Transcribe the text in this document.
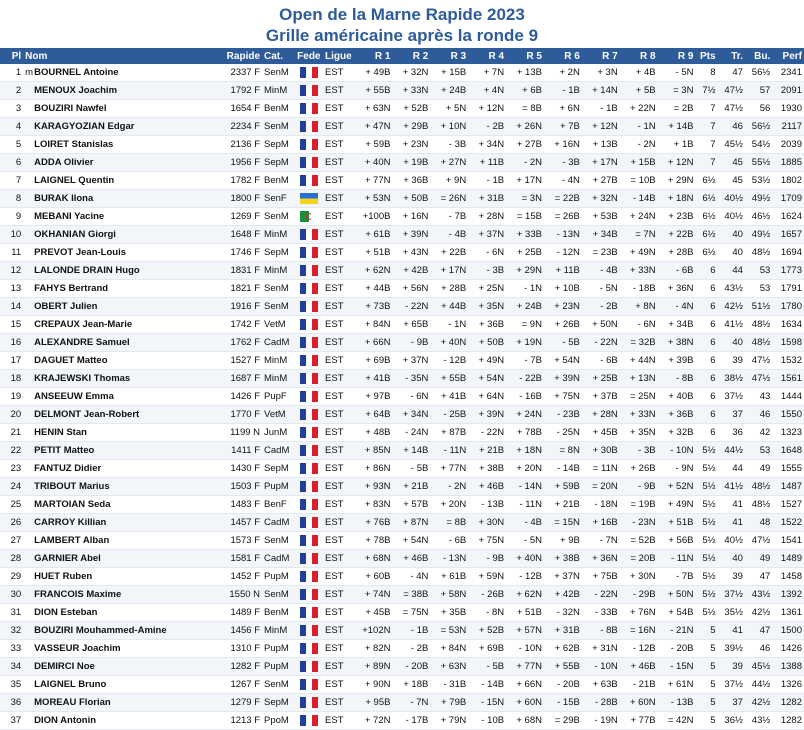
Open de la Marne Rapide 2023
Grille américaine après la ronde 9
Pl	Nom	Rapide	Cat.	Fede	Ligue	R 1	R 2	R 3	R 4	R 5	R 6	R 7	R 8	R 9	Pts	Tr.	Bu.	Perf
1	mBOURNEL Antoine	2337 F	SenM		EST	+ 49B	+ 32N	+ 15B	+ 7N	+ 13B	+ 2N	+ 3N	+ 4B	- 5N	8	47	56½	2341
2	MENOUX Joachim	1792 F	MinM		EST	+ 55B	+ 33N	+ 24B	+ 4N	+ 6B	- 1B	+ 14N	+ 5B	= 3N	7½	47½	57	2091
3	BOUZIRI Nawfel	1654 F	BenM		EST	+ 63N	+ 52B	+ 5N	+ 12N	= 8B	+ 6N	- 1B	+ 22N	= 2B	7	47½	56	1930
4	KARAGYOZIAN Edgar	2234 F	SenM		EST	+ 47N	+ 29B	+ 10N	- 2B	+ 26N	+ 7B	+ 12N	- 1N	+ 14B	7	46	56½	2117
5	LOIRET Stanislas	2136 F	SepM		EST	+ 59B	+ 23N	- 3B	+ 34N	+ 27B	+ 16N	+ 13B	- 2N	+ 1B	7	45½	54½	2039
6	ADDA Olivier	1956 F	SepM		EST	+ 40N	+ 19B	+ 27N	+ 11B	- 2N	- 3B	+ 17N	+ 15B	+ 12N	7	45	55½	1885
7	LAIGNEL Quentin	1782 F	BenM		EST	+ 77N	+ 36B	+ 9N	- 1B	+ 17N	- 4N	+ 27B	= 10B	+ 29N	6½	45	53½	1802
8	BURAK Ilona	1800 F	SenF		EST	+ 53N	+ 50B	= 26N	+ 31B	= 3N	= 22B	+ 32N	- 14B	+ 18N	6½	40½	49½	1709
9	MEBANI Yacine	1269 F	SenM		EST	+100B	+ 16N	- 7B	+ 28N	= 15B	= 26B	+ 53B	+ 24N	+ 23B	6½	40½	46½	1624
10	OKHANIAN Giorgi	1648 F	MinM		EST	+ 61B	+ 39N	- 4B	+ 37N	+ 33B	- 13N	+ 34B	= 7N	+ 22B	6½	40	49½	1657
11	PREVOT Jean-Louis	1746 F	SepM		EST	+ 51B	+ 43N	+ 22B	- 6N	+ 25B	- 12N	= 23B	+ 49N	+ 28B	6½	40	48½	1694
12	LALONDE DRAIN Hugo	1831 F	MinM		EST	+ 62N	+ 42B	+ 17N	- 3B	+ 29N	+ 11B	- 4B	+ 33N	- 6B	6	44	53	1773
13	FAHYS Bertrand	1821 F	SenM		EST	+ 44B	+ 56N	+ 28B	+ 25N	- 1N	+ 10B	- 5N	- 18B	+ 36N	6	43½	53	1791
14	OBERT Julien	1916 F	SenM		EST	+ 73B	- 22N	+ 44B	+ 35N	+ 24B	+ 23N	- 2B	+ 8N	- 4N	6	42½	51½	1780
15	CREPAUX Jean-Marie	1742 F	VetM		EST	+ 84N	+ 65B	- 1N	+ 36B	= 9N	+ 26B	+ 50N	- 6N	+ 34B	6	41½	48½	1634
16	ALEXANDRE Samuel	1762 F	CadM		EST	+ 66N	- 9B	+ 40N	+ 50B	+ 19N	- 5B	- 22N	= 32B	+ 38N	6	40	48½	1598
17	DAGUET Matteo	1527 F	MinM		EST	+ 69B	+ 37N	- 12B	+ 49N	- 7B	+ 54N	- 6B	+ 44N	+ 39B	6	39	47½	1532
18	KRAJEWSKI Thomas	1687 F	MinM		EST	+ 41B	- 35N	+ 55B	+ 54N	- 22B	+ 39N	+ 25B	+ 13N	- 8B	6	38½	47½	1561
19	ANSEEUW Emma	1426 F	PupF		EST	+ 97B	- 6N	+ 41B	+ 64N	- 16B	+ 75N	+ 37B	= 25N	+ 40B	6	37½	43	1444
20	DELMONT Jean-Robert	1770 F	VetM		EST	+ 64B	+ 34N	- 25B	+ 39N	+ 24N	- 23B	+ 28N	+ 33N	+ 36B	6	37	46	1550
21	HENIN Stan	1199 N	JunM		EST	+ 48B	- 24N	+ 87B	- 22N	+ 78B	- 25N	+ 45B	+ 35N	+ 32B	6	36	42	1323
22	PETIT Matteo	1411 F	CadM		EST	+ 85N	+ 14B	- 11N	+ 21B	+ 18N	= 8N	+ 30B	- 3B	- 10N	5½	44½	53	1648
23	FANTUZ Didier	1430 F	SepM		EST	+ 86N	- 5B	+ 77N	+ 38B	+ 20N	- 14B	= 11N	+ 26B	- 9N	5½	44	49	1555
24	TRIBOUT Marius	1503 F	PupM		EST	+ 93N	+ 21B	- 2N	+ 46B	- 14N	+ 59B	= 20N	- 9B	+ 52N	5½	41½	48½	1487
25	MARTOIAN Seda	1483 F	BenF		EST	+ 83N	+ 57B	+ 20N	- 13B	- 11N	+ 21B	- 18N	= 19B	+ 49N	5½	41	48½	1527
26	CARROY Killian	1457 F	CadM		EST	+ 76B	+ 87N	= 8B	+ 30N	- 4B	= 15N	+ 16B	- 23N	+ 51B	5½	41	48	1522
27	LAMBERT Alban	1573 F	SenM		EST	+ 78B	+ 54N	- 6B	+ 75N	- 5N	+ 9B	- 7N	= 52B	+ 56B	5½	40½	47½	1541
28	GARNIER Abel	1581 F	CadM		EST	+ 68N	+ 46B	- 13N	- 9B	+ 40N	+ 38B	+ 36N	= 20B	- 11N	5½	40	49	1489
29	HUET Ruben	1452 F	PupM		EST	+ 60B	- 4N	+ 61B	+ 59N	- 12B	+ 37N	+ 75B	+ 30N	- 7B	5½	39	47	1458
30	FRANCOIS Maxime	1550 N	SenM		EST	+ 74N	= 38B	+ 58N	- 26B	+ 62N	+ 42B	- 22N	- 29B	+ 50N	5½	37½	43½	1392
31	DION Esteban	1489 F	BenM		EST	+ 45B	= 75N	+ 35B	- 8N	+ 51B	- 32N	- 33B	+ 76N	+ 54B	5½	35½	42½	1361
32	BOUZIRI Mouhammed-Amine	1456 F	MinM		EST	+102N	- 1B	= 53N	+ 52B	+ 57N	+ 31B	- 8B	= 16N	- 21N	5	41	47	1500
33	VASSEUR Joachim	1310 F	PupM		EST	+ 82N	- 2B	+ 84N	+ 69B	- 10N	+ 62B	+ 31N	- 12B	- 20B	5	39½	46	1426
34	DEMIRCI Noe	1282 F	PupM		EST	+ 89N	- 20B	+ 63N	- 5B	+ 77N	+ 55B	- 10N	+ 46B	- 15N	5	39	45½	1388
35	LAIGNEL Bruno	1267 F	SenM		EST	+ 90N	+ 18B	- 31B	- 14B	+ 66N	- 20B	+ 63B	- 21B	+ 61N	5	37½	44½	1326
36	MOREAU Florian	1279 F	SepM		EST	+ 95B	- 7N	+ 79B	- 15N	+ 60N	- 15B	- 28B	+ 60N	- 13B	5	37	42½	1282
37	DION Antonin	1213 F	PpoM		EST	+ 72N	- 17B	+ 79N	- 10B	+ 68N	= 29B	- 19N	+ 77B	= 42N	5	36½	43½	1282
